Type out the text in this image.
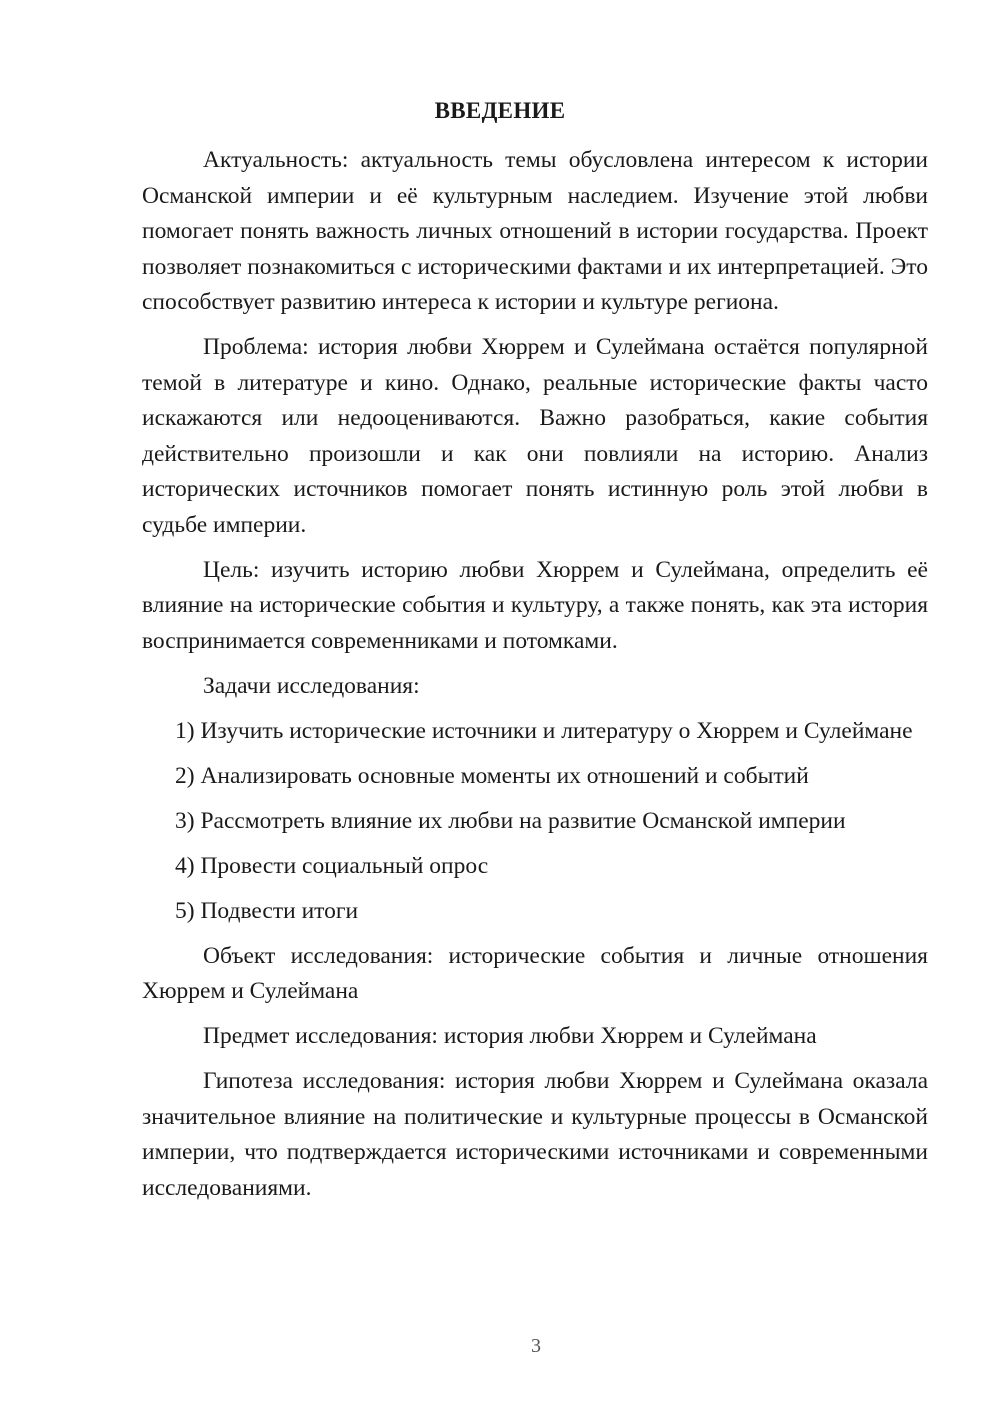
ВВЕДЕНИЕ

Актуальность: актуальность темы обусловлена интересом к истории Османской империи и её культурным наследием. Изучение этой любви помогает понять важность личных отношений в истории государства. Проект позволяет познакомиться с историческими фактами и их интерпретацией. Это способствует развитию интереса к истории и культуре региона.

Проблема: история любви Хюррем и Сулеймана остаётся популярной темой в литературе и кино. Однако, реальные исторические факты часто искажаются или недооцениваются. Важно разобраться, какие события действительно произошли и как они повлияли на историю. Анализ исторических источников помогает понять истинную роль этой любви в судьбе империи.

Цель: изучить историю любви Хюррем и Сулеймана, определить её влияние на исторические события и культуру, а также понять, как эта история воспринимается современниками и потомками.

Задачи исследования:

1) Изучить исторические источники и литературу о Хюррем и Сулеймане

2) Анализировать основные моменты их отношений и событий

3) Рассмотреть влияние их любви на развитие Османской империи

4) Провести социальный опрос

5) Подвести итоги

Объект исследования: исторические события и личные отношения Хюррем и Сулеймана

Предмет исследования: история любви Хюррем и Сулеймана

Гипотеза исследования: история любви Хюррем и Сулеймана оказала значительное влияние на политические и культурные процессы в Османской империи, что подтверждается историческими источниками и современными исследованиями.

3
